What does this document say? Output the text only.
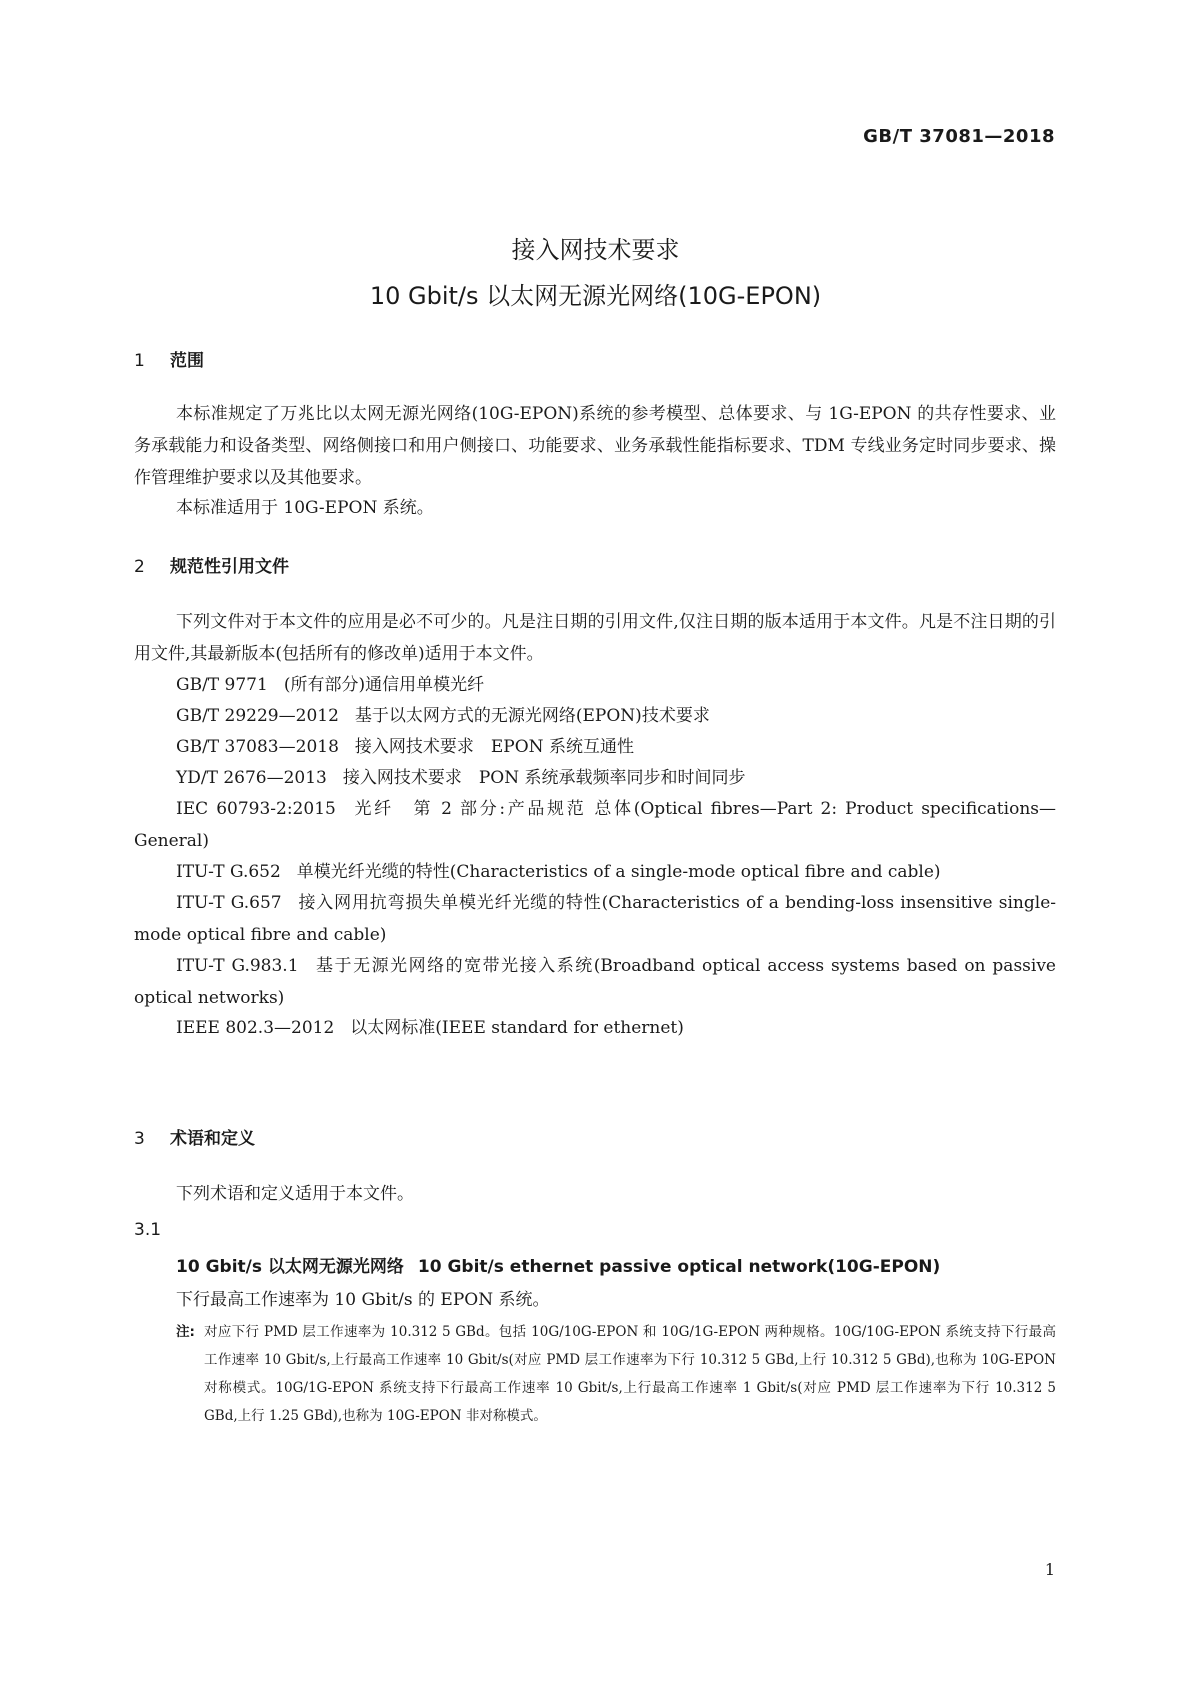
GB/T 37081—2018
接入网技术要求
10 Gbit/s 以太网无源光网络(10G-EPON)
1 范围
本标准规定了万兆比以太网无源光网络(10G-EPON)系统的参考模型、总体要求、与 1G-EPON 的共存性要求、业务承载能力和设备类型、网络侧接口和用户侧接口、功能要求、业务承载性能指标要求、TDM 专线业务定时同步要求、操作管理维护要求以及其他要求。
本标准适用于 10G-EPON 系统。
2 规范性引用文件
下列文件对于本文件的应用是必不可少的。凡是注日期的引用文件,仅注日期的版本适用于本文件。凡是不注日期的引用文件,其最新版本(包括所有的修改单)适用于本文件。
GB/T 9771 (所有部分)通信用单模光纤
GB/T 29229—2012 基于以太网方式的无源光网络(EPON)技术要求
GB/T 37083—2018 接入网技术要求　EPON 系统互通性
YD/T 2676—2013 接入网技术要求　PON 系统承载频率同步和时间同步
IEC 60793-2:2015 光纤　第 2 部分:产品规范 总体(Optical fibres—Part 2: Product specifications—General)
ITU-T G.652 单模光纤光缆的特性(Characteristics of a single-mode optical fibre and cable)
ITU-T G.657 接入网用抗弯损失单模光纤光缆的特性(Characteristics of a bending-loss insensitive single-mode optical fibre and cable)
ITU-T G.983.1 基于无源光网络的宽带光接入系统(Broadband optical access systems based on passive optical networks)
IEEE 802.3—2012 以太网标准(IEEE standard for ethernet)
3 术语和定义
下列术语和定义适用于本文件。
3.1
10 Gbit/s 以太网无源光网络 10 Gbit/s ethernet passive optical network(10G-EPON)
下行最高工作速率为 10 Gbit/s 的 EPON 系统。
注: 对应下行 PMD 层工作速率为 10.312 5 GBd。包括 10G/10G-EPON 和 10G/1G-EPON 两种规格。10G/10G-EPON 系统支持下行最高工作速率 10 Gbit/s,上行最高工作速率 10 Gbit/s(对应 PMD 层工作速率为下行 10.312 5 GBd,上行 10.312 5 GBd),也称为 10G-EPON 对称模式。10G/1G-EPON 系统支持下行最高工作速率 10 Gbit/s,上行最高工作速率 1 Gbit/s(对应 PMD 层工作速率为下行 10.312 5 GBd,上行 1.25 GBd),也称为 10G-EPON 非对称模式。
1
